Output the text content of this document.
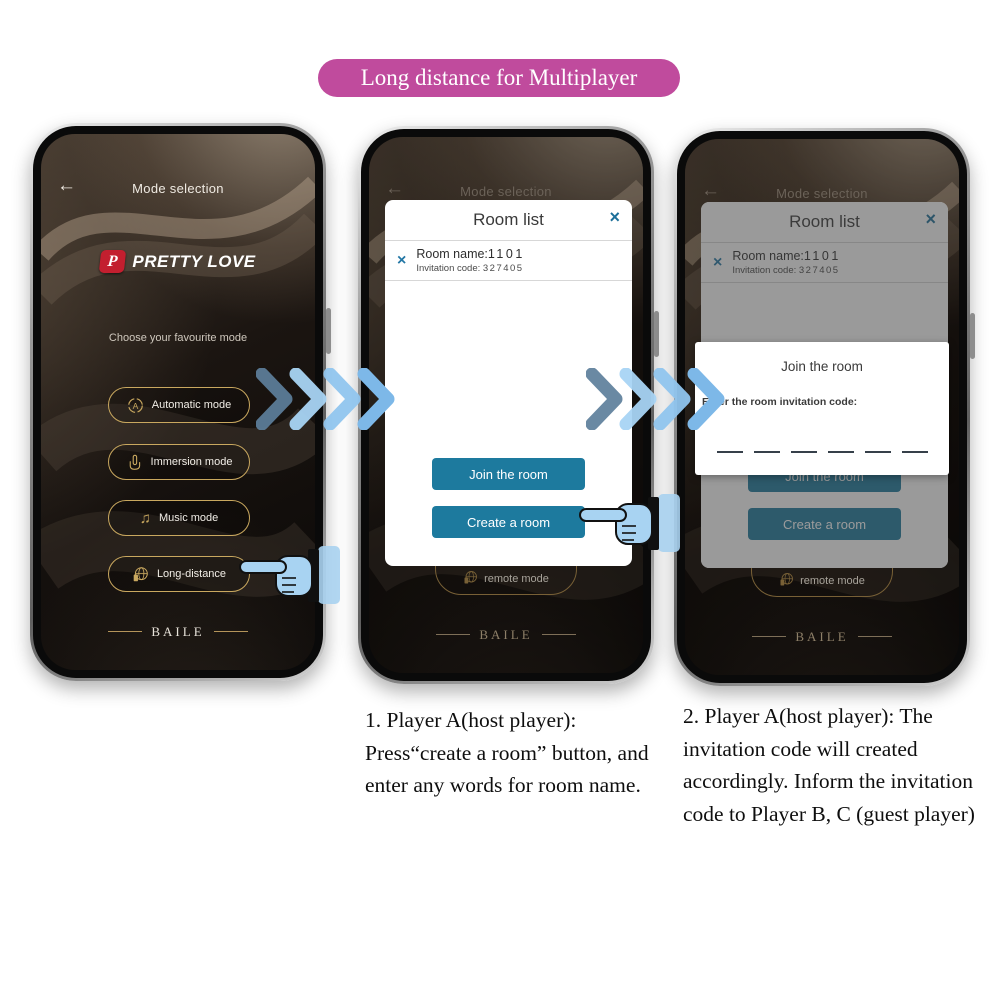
Long distance for Multiplayer
←	Mode selection
P PRETTY LOVE
Choose your favourite mode
A Automatic mode
Immersion mode
♫ Music mode
Long-distance
BAILE
←	Mode selection
remote mode
Room list	×
× Room name:1101
Invitation code: 327405
Join the room
Create a room
BAILE
←	Mode selection
remote mode
Join the room
Enter the room invitation code:
BAILE
1. Player A(host player): Press“create a room” button, and enter any words for room name.
2. Player A(host player): The invitation code will created accordingly. Inform the invitation code to Player B, C (guest player)
